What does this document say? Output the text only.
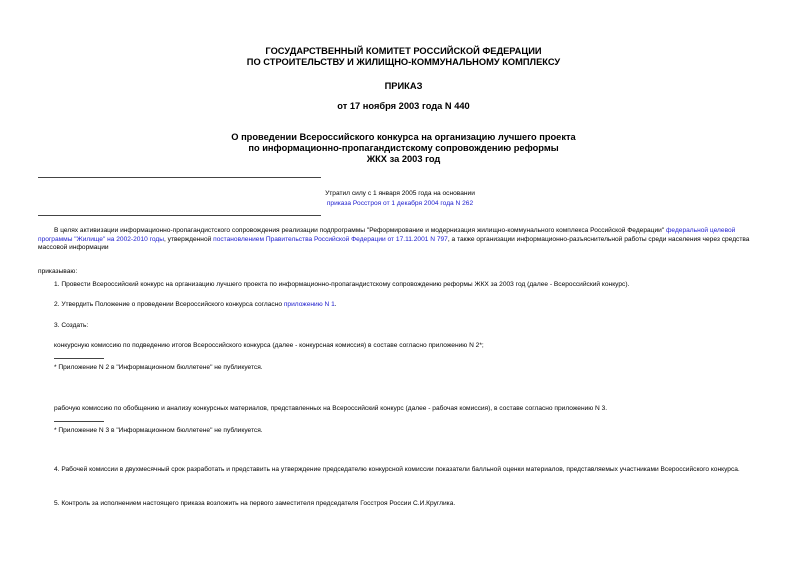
ГОСУДАРСТВЕННЫЙ КОМИТЕТ РОССИЙСКОЙ ФЕДЕРАЦИИ
ПО СТРОИТЕЛЬСТВУ И ЖИЛИЩНО-КОММУНАЛЬНОМУ КОМПЛЕКСУ
ПРИКАЗ
от 17 ноября 2003 года N 440
О проведении Всероссийского конкурса на организацию лучшего проекта
по информационно-пропагандистскому сопровождению реформы
ЖКХ за 2003 год
Утратил силу с 1 января 2005 года на основании
приказа Росстроя от 1 декабря 2004 года N 262
В целях активизации информационно-пропагандистского сопровождения реализации подпрограммы "Реформирование и модернизация жилищно-коммунального комплекса Российской Федерации" федеральной целевой программы "Жилище" на 2002-2010 годы, утвержденной постановлением Правительства Российской Федерации от 17.11.2001 N 797, а также организации информационно-разъяснительной работы среди населения через средства массовой информации
приказываю:
1. Провести Всероссийский конкурс на организацию лучшего проекта по информационно-пропагандистскому сопровождению реформы ЖКХ за 2003 год (далее - Всероссийский конкурс).
2. Утвердить Положение о проведении Всероссийского конкурса согласно приложению N 1.
3. Создать:
конкурсную комиссию по подведению итогов Всероссийского конкурса (далее - конкурсная комиссия) в составе согласно приложению N 2*;
* Приложение N 2 в "Информационном бюллетене" не публикуется.
рабочую комиссию по обобщению и анализу конкурсных материалов, представленных на Всероссийский конкурс (далее - рабочая комиссия), в составе согласно приложению N 3.
* Приложение N 3 в "Информационном бюллетене" не публикуется.
4. Рабочей комиссии в двухмесячный срок разработать и представить на утверждение председателю конкурсной комиссии показатели балльной оценки материалов, представляемых участниками Всероссийского конкурса.
5. Контроль за исполнением настоящего приказа возложить на первого заместителя председателя Госстроя России С.И.Круглика.
